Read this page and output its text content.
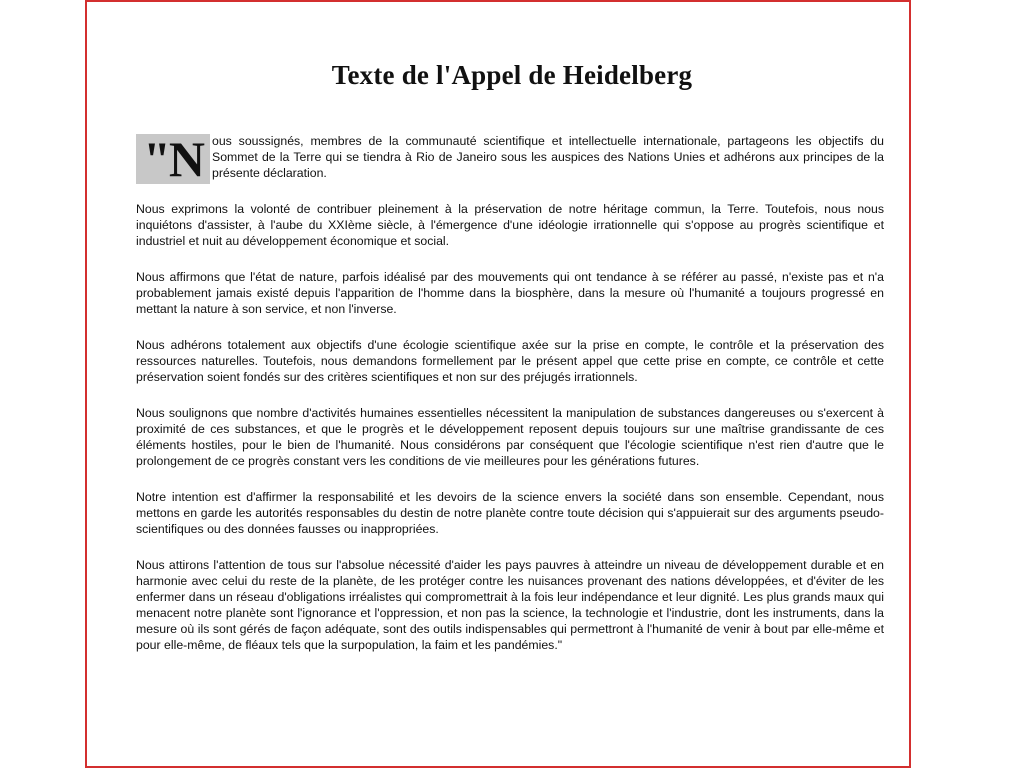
Texte de l'Appel de Heidelberg

"N ous soussignés, membres de la communauté scientifique et intellectuelle internationale, partageons les objectifs du Sommet de la Terre qui se tiendra à Rio de Janeiro sous les auspices des Nations Unies et adhérons aux principes de la présente déclaration.

Nous exprimons la volonté de contribuer pleinement à la préservation de notre héritage commun, la Terre. Toutefois, nous nous inquiétons d'assister, à l'aube du XXIème siècle, à l'émergence d'une idéologie irrationnelle qui s'oppose au progrès scientifique et industriel et nuit au développement économique et social.

Nous affirmons que l'état de nature, parfois idéalisé par des mouvements qui ont tendance à se référer au passé, n'existe pas et n'a probablement jamais existé depuis l'apparition de l'homme dans la biosphère, dans la mesure où l'humanité a toujours progressé en mettant la nature à son service, et non l'inverse.

Nous adhérons totalement aux objectifs d'une écologie scientifique axée sur la prise en compte, le contrôle et la préservation des ressources naturelles. Toutefois, nous demandons formellement par le présent appel que cette prise en compte, ce contrôle et cette préservation soient fondés sur des critères scientifiques et non sur des préjugés irrationnels.

Nous soulignons que nombre d'activités humaines essentielles nécessitent la manipulation de substances dangereuses ou s'exercent à proximité de ces substances, et que le progrès et le développement reposent depuis toujours sur une maîtrise grandissante de ces éléments hostiles, pour le bien de l'humanité. Nous considérons par conséquent que l'écologie scientifique n'est rien d'autre que le prolongement de ce progrès constant vers les conditions de vie meilleures pour les générations futures.

Notre intention est d'affirmer la responsabilité et les devoirs de la science envers la société dans son ensemble. Cependant, nous mettons en garde les autorités responsables du destin de notre planète contre toute décision qui s'appuierait sur des arguments pseudo-scientifiques ou des données fausses ou inappropriées.

Nous attirons l'attention de tous sur l'absolue nécessité d'aider les pays pauvres à atteindre un niveau de développement durable et en harmonie avec celui du reste de la planète, de les protéger contre les nuisances provenant des nations développées, et d'éviter de les enfermer dans un réseau d'obligations irréalistes qui compromettrait à la fois leur indépendance et leur dignité. Les plus grands maux qui menacent notre planète sont l'ignorance et l'oppression, et non pas la science, la technologie et l'industrie, dont les instruments, dans la mesure où ils sont gérés de façon adéquate, sont des outils indispensables qui permettront à l'humanité de venir à bout par elle-même et pour elle-même, de fléaux tels que la surpopulation, la faim et les pandémies."
